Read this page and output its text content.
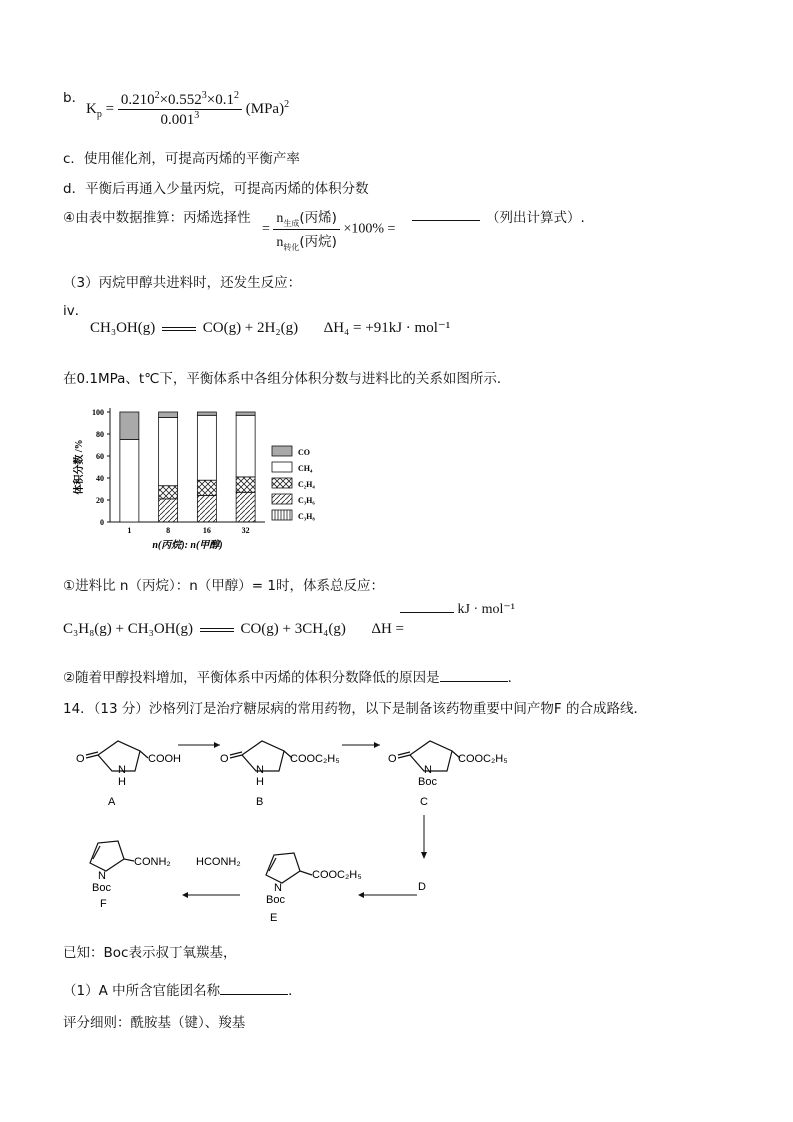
b．
$K_p = \frac{0.210^2\times 0.552^3\times 0.1^2}{0.001^3} (MPa)^2$
c．使用催化剂，可提高丙烯的平衡产率
d．平衡后再通入少量丙烷，可提高丙烯的体积分数
④由表中数据推算：丙烯选择性
= $\frac{n_{生成}(丙烯)}{n_{转化}(丙烷)} \times 100\%$ =
（列出计算式）.
（3）丙烷甲醇共进料时，还发生反应：
iv．
CH₃OH(g)	CO(g) + 2H₂(g) ΔH₄ = +91kJ · mol⁻¹
在0.1MPa、t℃下，平衡体系中各组分体积分数与进料比的关系如图所示．
0
20
40
60
80
100
体积分数 /%
1	8	16	32
n(丙烷): n(甲醇)
CO
CH₄
C₂H₄
C₃H₆
C₃H₈
①进料比 n（丙烷）：n（甲醇）= 1时，体系总反应：
kJ · mol⁻¹
C₃H₈(g) + CH₃OH(g)	CO(g) + 3CH₄(g) ΔH =
②随着甲醇投料增加，平衡体系中丙烯的体积分数降低的原因是	．
14．（13 分）沙格列汀是治疗糖尿病的常用药物，以下是制备该药物重要中间产物F 的合成路线．
O
N
H
COOH
A
O
N
H
COOC₂H₅
B
O
N
Boc
COOC₂H₅
C
D
N
Boc
COOC₂H₅
E
HCONH₂
N
Boc
CONH₂
F
已知：Boc表示叔丁氧羰基，
（1）A 中所含官能团名称	．
评分细则：酰胺基（键）、羧基
